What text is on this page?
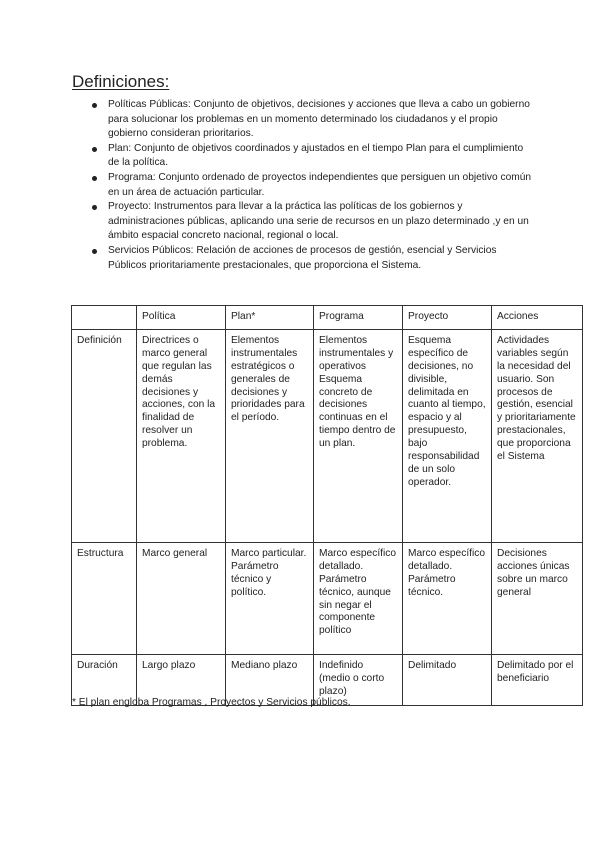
Definiciones:
Políticas Públicas: Conjunto de objetivos, decisiones y acciones que lleva a cabo un gobierno para solucionar los problemas en un momento determinado los ciudadanos y el propio gobierno consideran prioritarios.
Plan: Conjunto de objetivos coordinados y ajustados en el tiempo Plan para el cumplimiento de la política.
Programa: Conjunto ordenado de proyectos independientes que persiguen un objetivo común en un área de actuación particular.
Proyecto: Instrumentos para llevar a la práctica las políticas de los gobiernos y administraciones públicas, aplicando una serie de recursos en un plazo determinado ,y en un ámbito espacial concreto nacional, regional o local.
Servicios Públicos: Relación de acciones de procesos de gestión, esencial y Servicios Públicos prioritariamente prestacionales, que proporciona el Sistema.
	Política	Plan*	Programa	Proyecto	Acciones
Definición	Directrices o marco general que regulan las demás decisiones y acciones, con la finalidad de resolver un problema.	Elementos instrumentales estratégicos o generales de decisiones y prioridades para el período.	Elementos instrumentales y operativos Esquema concreto de decisiones continuas en el tiempo dentro de un plan.	Esquema específico de decisiones, no divisible, delimitada en cuanto al tiempo, espacio y al presupuesto, bajo responsabilidad de un solo operador.	Actividades variables según la necesidad del usuario. Son procesos de gestión, esencial y prioritariamente prestacionales, que proporciona el Sistema
Estructura	Marco general	Marco particular. Parámetro técnico y político.	Marco específico detallado. Parámetro técnico, aunque sin negar el componente político	Marco específico detallado. Parámetro técnico.	Decisiones acciones únicas sobre un marco general
Duración	Largo plazo	Mediano plazo	Indefinido (medio o corto plazo)	Delimitado	Delimitado por el beneficiario
* El plan engloba Programas , Proyectos y Servicios públicos.
